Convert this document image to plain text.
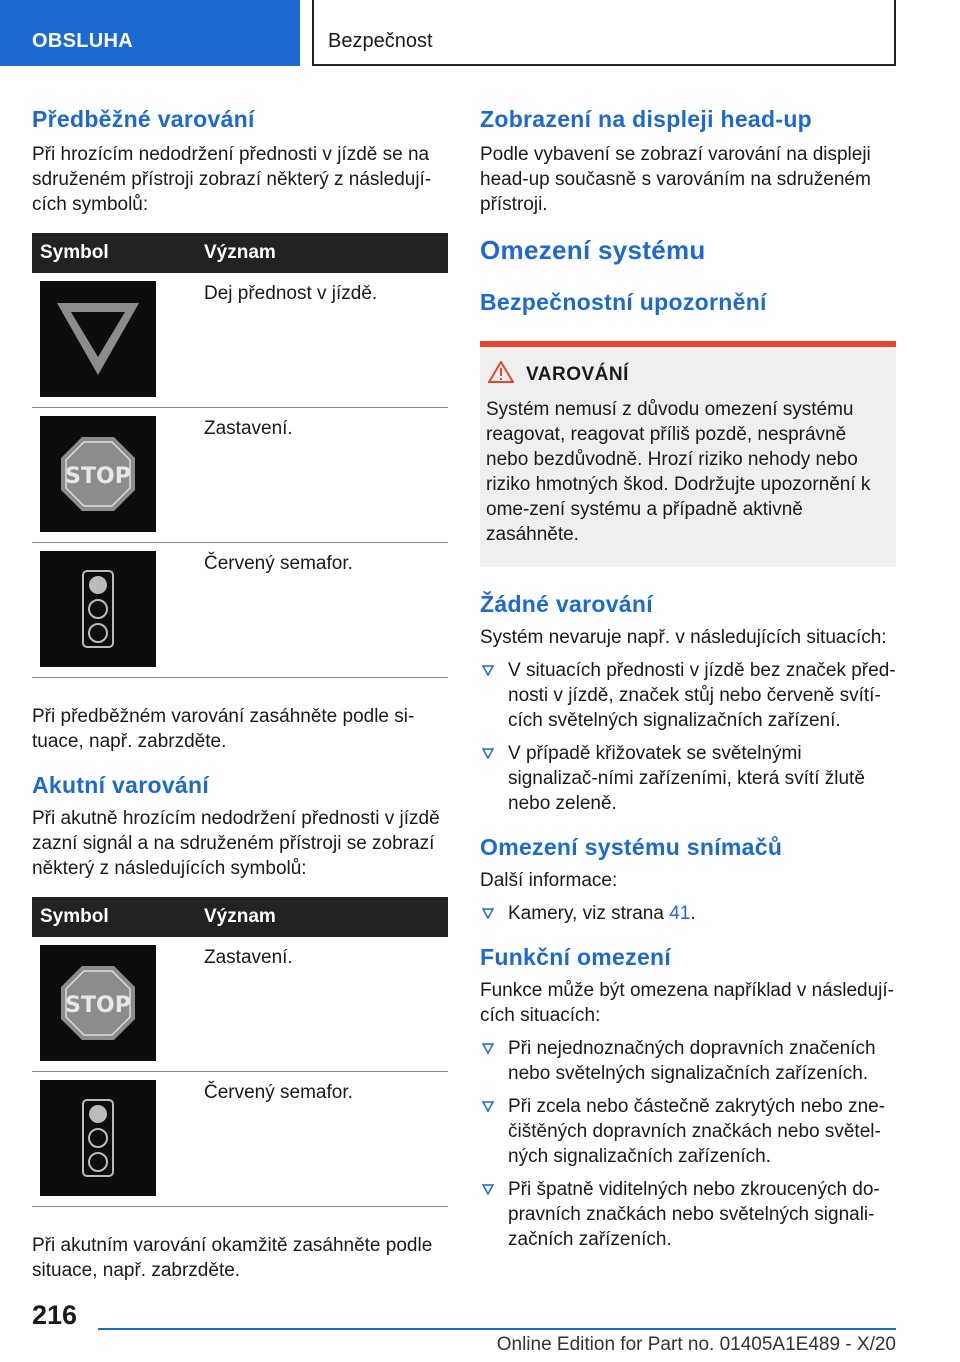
OBSLUHA	Bezpečnost
Předběžné varování

Při hrozícím nedodržení přednosti v jízdě se na sdruženém přístroji zobrazí některý z následují-cích symbolů:

Symbol	Význam

	Dej přednost v jízdě.

STOP	Zastavení.

	Červený semafor.

Při předběžném varování zasáhněte podle si-tuace, např. zabrzděte.

Akutní varování

Při akutně hrozícím nedodržení přednosti v jízdě zazní signál a na sdruženém přístroji se zobrazí některý z následujících symbolů:

Symbol	Význam

STOP	Zastavení.

	Červený semafor.

Při akutním varování okamžitě zasáhněte podle situace, např. zabrzděte.

Zobrazení na displeji head-up

Podle vybavení se zobrazí varování na displeji head-up současně s varováním na sdruženém přístroji.

Omezení systému
Bezpečnostní upozornění
VAROVÁNÍ

Systém nemusí z důvodu omezení systému reagovat, reagovat příliš pozdě, nesprávně nebo bezdůvodně. Hrozí riziko nehody nebo riziko hmotných škod. Dodržujte upozornění k ome-zení systému a případně aktivně zasáhněte.

Žádné varování

Systém nevaruje např. v následujících situacích:

V situacích přednosti v jízdě bez značek před-nosti v jízdě, značek stůj nebo červeně svítí-cích světelných signalizačních zařízení.
V případě křižovatek se světelnými signalizač-ními zařízeními, která svítí žlutě nebo zeleně.
Omezení systému snímačů

Další informace:

Kamery, viz strana 41.
Funkční omezení

Funkce může být omezena například v následují-cích situacích:

Při nejednoznačných dopravních značeních nebo světelných signalizačních zařízeních.
Při zcela nebo částečně zakrytých nebo zne-čištěných dopravních značkách nebo světel-ných signalizačních zařízeních.
Při špatně viditelných nebo zkroucených do-pravních značkách nebo světelných signali-začních zařízeních.
216
Online Edition for Part no. 01405A1E489 - X/20
